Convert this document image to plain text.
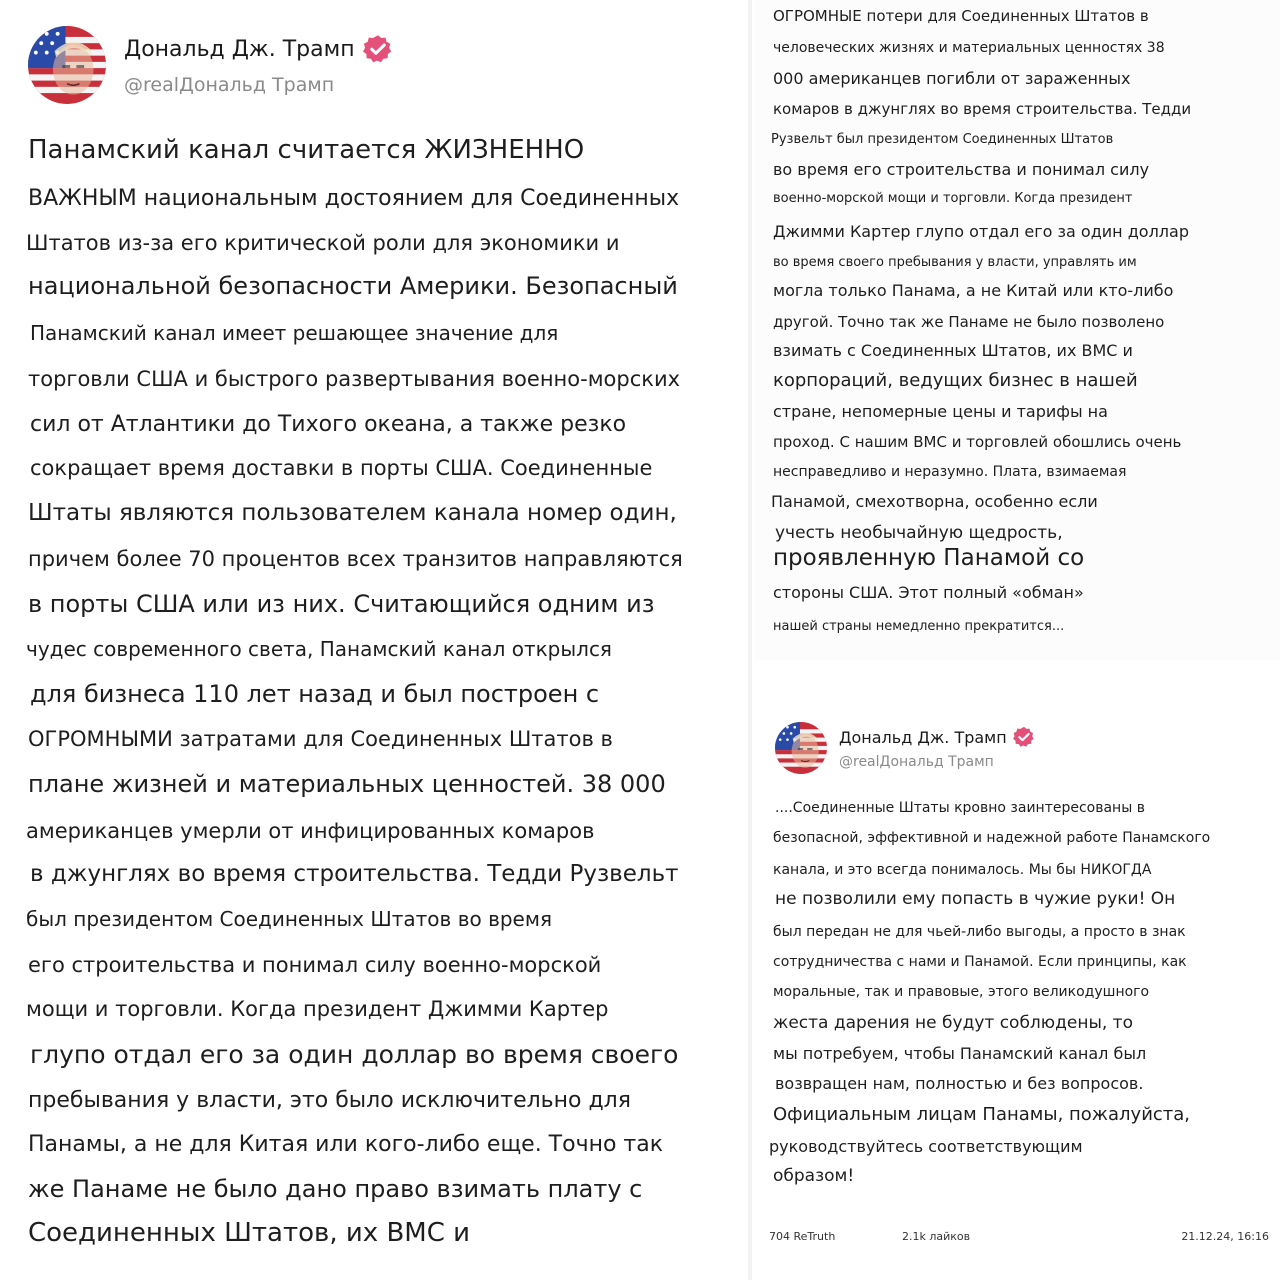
Дональд Дж. Трамп
@realДональд Трамп
Панамский канал считается ЖИЗНЕННО
ВАЖНЫМ национальным достоянием для Соединенных
Штатов из-за его критической роли для экономики и
национальной безопасности Америки. Безопасный
Панамский канал имеет решающее значение для
торговли США и быстрого развертывания военно-морских
сил от Атлантики до Тихого океана, а также резко
сокращает время доставки в порты США. Соединенные
Штаты являются пользователем канала номер один,
причем более 70 процентов всех транзитов направляются
в порты США или из них. Считающийся одним из
чудес современного света, Панамский канал открылся
для бизнеса 110 лет назад и был построен с
ОГРОМНЫМИ затратами для Соединенных Штатов в
плане жизней и материальных ценностей. 38 000
американцев умерли от инфицированных комаров
в джунглях во время строительства. Тедди Рузвельт
был президентом Соединенных Штатов во время
его строительства и понимал силу военно-морской
мощи и торговли. Когда президент Джимми Картер
глупо отдал его за один доллар во время своего
пребывания у власти, это было исключительно для
Панамы, а не для Китая или кого-либо еще. Точно так
же Панаме не было дано право взимать плату с
Соединенных Штатов, их ВМС и
ОГРОМНЫЕ потери для Соединенных Штатов в
человеческих жизнях и материальных ценностях 38
000 американцев погибли от зараженных
комаров в джунглях во время строительства. Тедди
Рузвельт был президентом Соединенных Штатов
во время его строительства и понимал силу
военно-морской мощи и торговли. Когда президент
Джимми Картер глупо отдал его за один доллар
во время своего пребывания у власти, управлять им
могла только Панама, а не Китай или кто-либо
другой. Точно так же Панаме не было позволено
взимать с Соединенных Штатов, их ВМС и
корпораций, ведущих бизнес в нашей
стране, непомерные цены и тарифы на
проход. С нашим ВМС и торговлей обошлись очень
несправедливо и неразумно. Плата, взимаемая
Панамой, смехотворна, особенно если
учесть необычайную щедрость,
проявленную Панамой со
стороны США. Этот полный «обман»
нашей страны немедленно прекратится...
Дональд Дж. Трамп
@realДональд Трамп
....Соединенные Штаты кровно заинтересованы в
безопасной, эффективной и надежной работе Панамского
канала, и это всегда понималось. Мы бы НИКОГДА
не позволили ему попасть в чужие руки! Он
был передан не для чьей-либо выгоды, а просто в знак
сотрудничества с нами и Панамой. Если принципы, как
моральные, так и правовые, этого великодушного
жеста дарения не будут соблюдены, то
мы потребуем, чтобы Панамский канал был
возвращен нам, полностью и без вопросов.
Официальным лицам Панамы, пожалуйста,
руководствуйтесь соответствующим
образом!
704 ReTruth	2.1k лайков	21.12.24, 16:16
